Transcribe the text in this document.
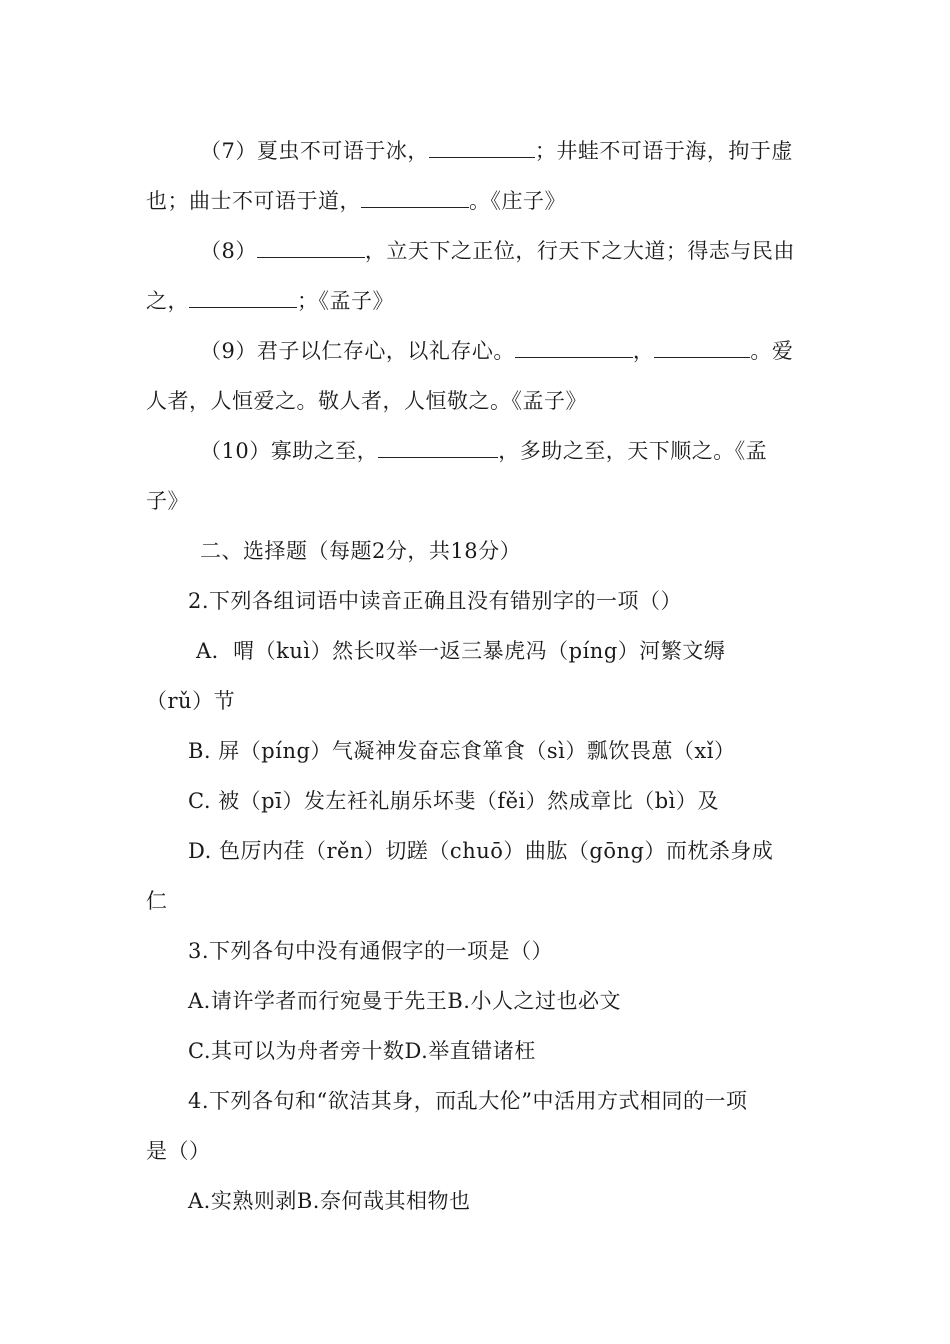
（7）夏虫不可语于冰，	；井蛙不可语于海，拘于虚
也；曲士不可语于道，	。《庄子》
（8）	，立天下之正位，行天下之大道；得志与民由
之，	；《孟子》
（9）君子以仁存心，以礼存心。	，	。爱
人者，人恒爱之。敬人者，人恒敬之。《孟子》
（10）寡助之至，	，多助之至，天下顺之。《孟
子》
二、选择题（每题2分，共18分）
2.下列各组词语中读音正确且没有错别字的一项（）
A．喟（kuì）然长叹举一返三暴虎冯（píng）河繁文缛
（rǔ）节
B. 屏（píng）气凝神发奋忘食箪食（sì）瓢饮畏葸（xǐ）
C. 被（pī）发左衽礼崩乐坏斐（fěi）然成章比（bì）及
D. 色厉内荏（rěn）切蹉（chuō）曲肱（gōng）而枕杀身成
仁
3.下列各句中没有通假字的一项是（）
A.请许学者而行宛曼于先王B.小人之过也必文
C.其可以为舟者旁十数D.举直错诸枉
4.下列各句和“欲洁其身，而乱大伦”中活用方式相同的一项
是（）
A.实熟则剥B.奈何哉其相物也
